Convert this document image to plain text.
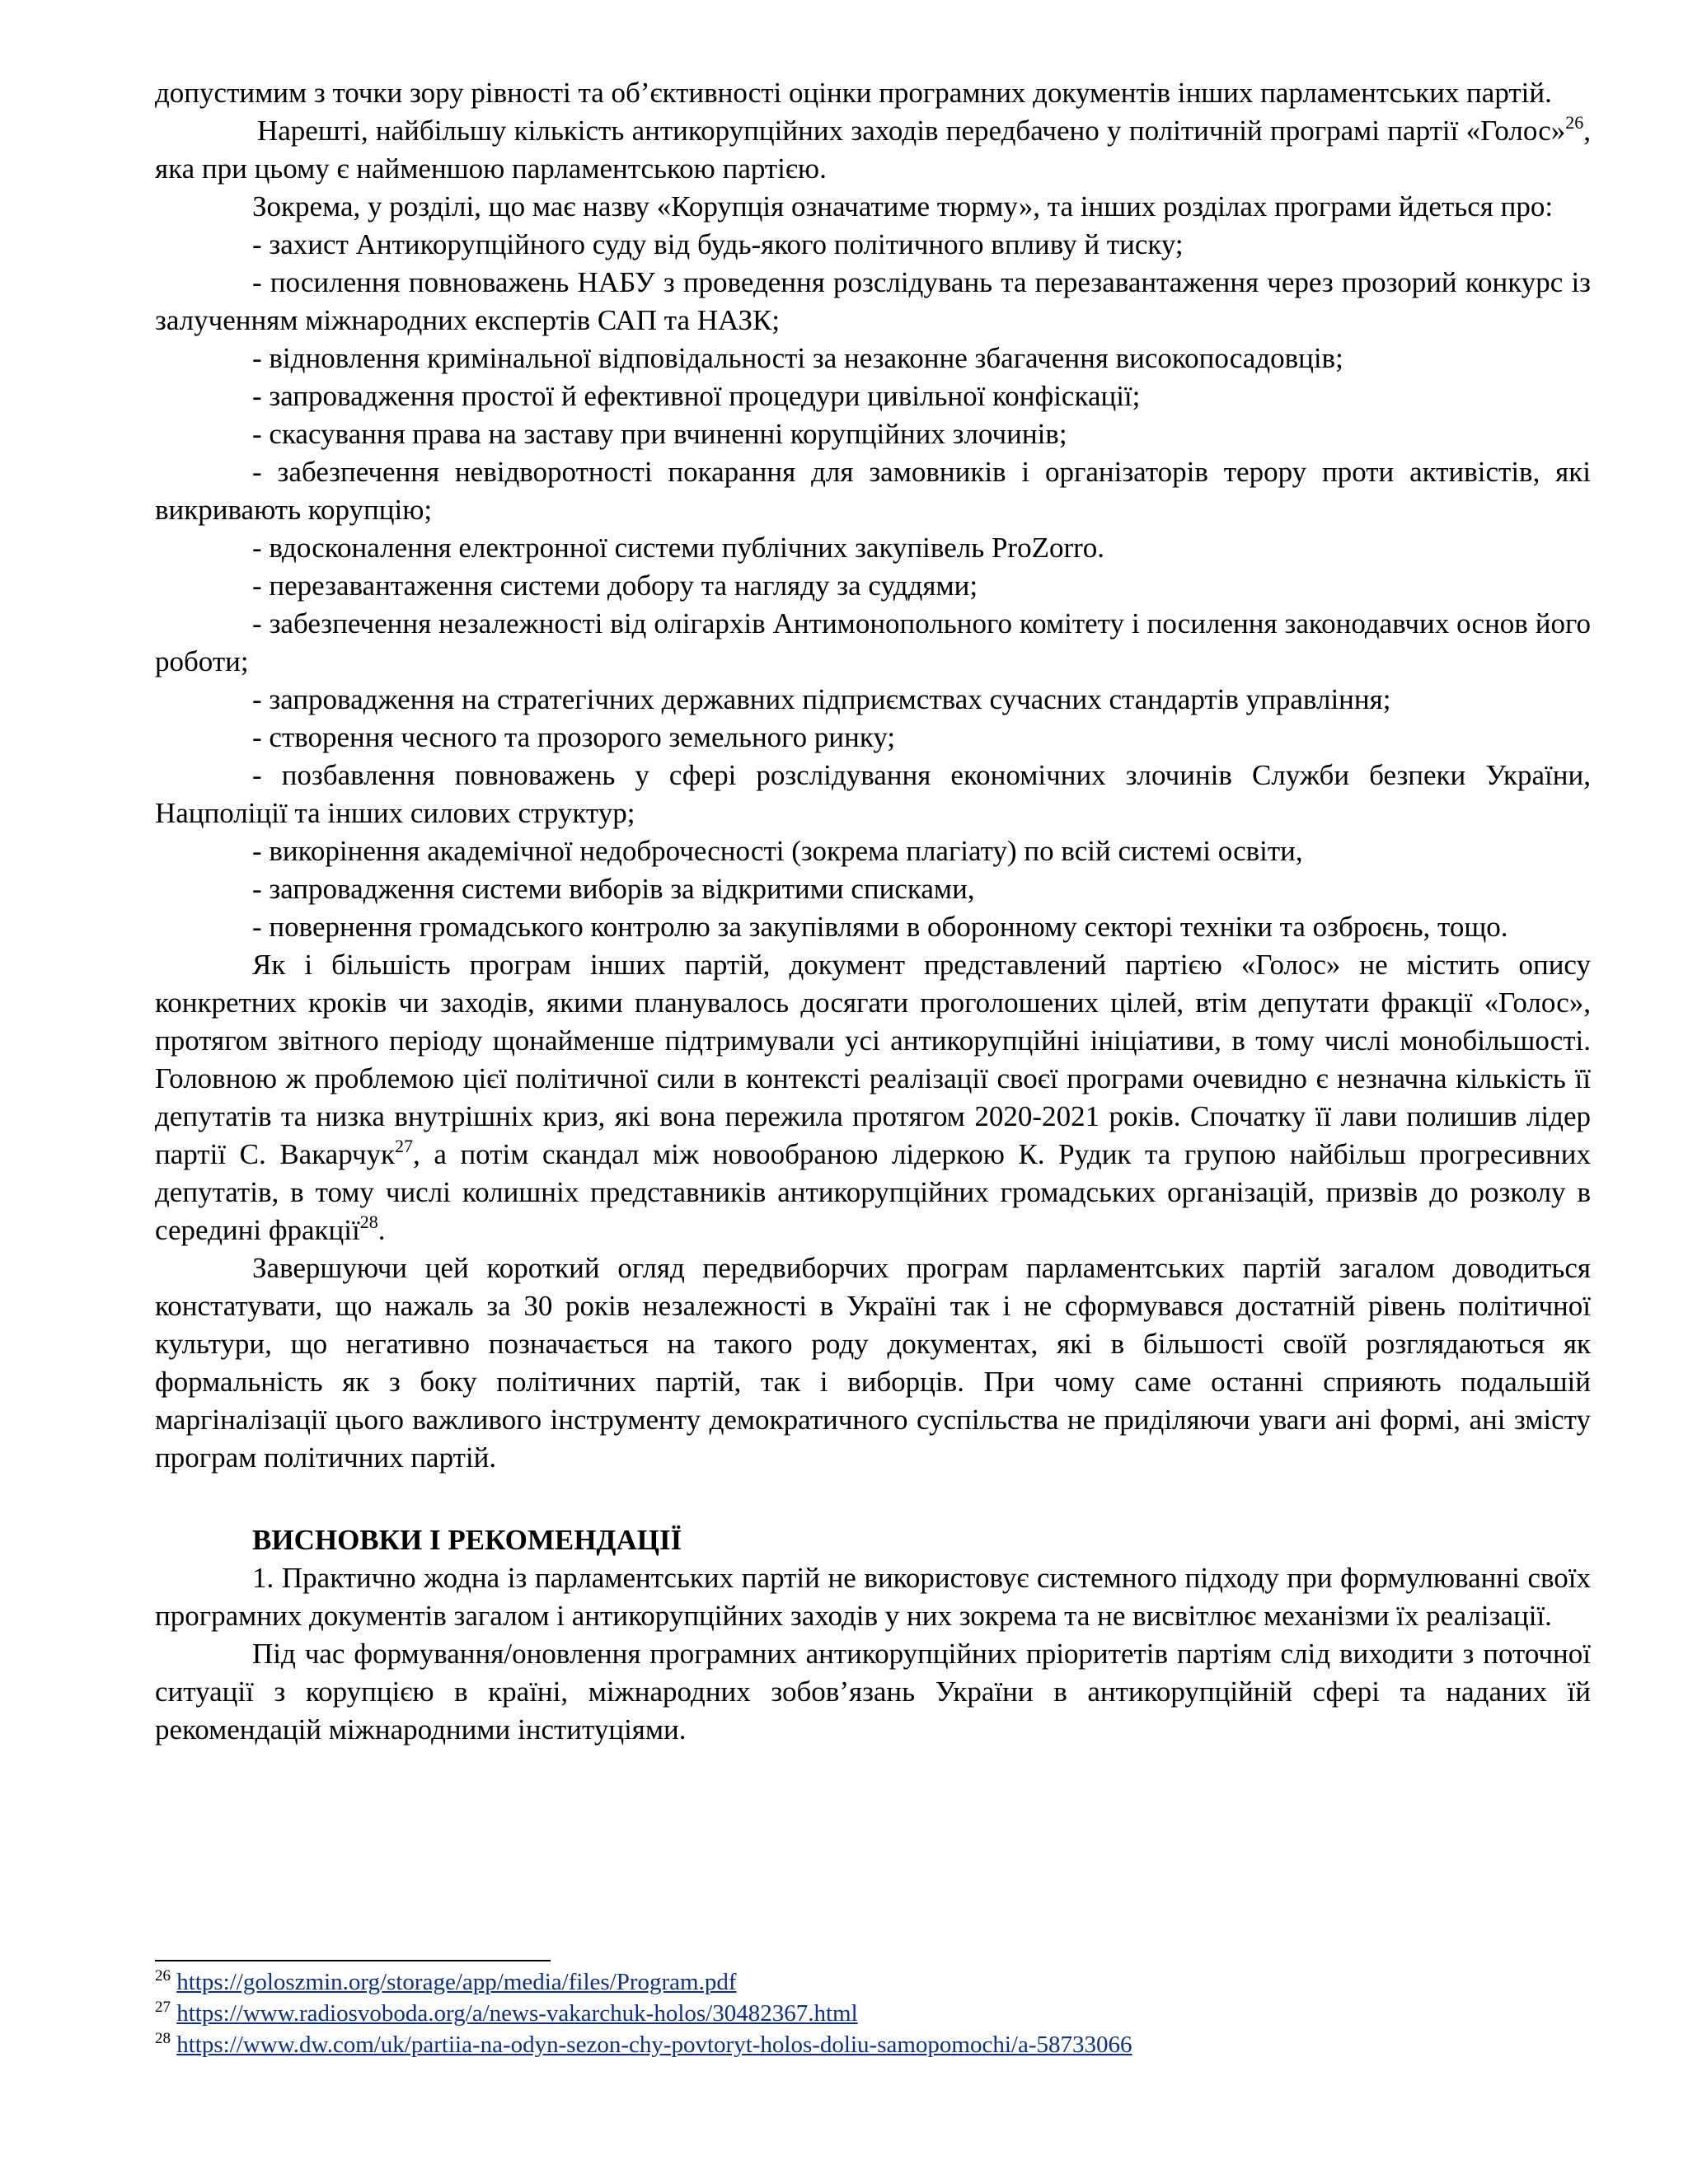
допустимим з точки зору рівності та об’єктивності оцінки програмних документів інших парламентських партій.

Нарешті, найбільшу кількість антикорупційних заходів передбачено у політичній програмі партії «Голос»$^{26}$, яка при цьому є найменшою парламентською партією.

Зокрема, у розділі, що має назву «Корупція означатиме тюрму», та інших розділах програми йдеться про:

- захист Антикорупційного суду від будь-якого політичного впливу й тиску;

- посилення повноважень НАБУ з проведення розслідувань та перезавантаження через прозорий конкурс із залученням міжнародних експертів САП та НАЗК;

- відновлення кримінальної відповідальності за незаконне збагачення високопосадовців;

- запровадження простої й ефективної процедури цивільної конфіскації;

- скасування права на заставу при вчиненні корупційних злочинів;

- забезпечення невідворотності покарання для замовників і організаторів терору проти активістів, які викривають корупцію;

- вдосконалення електронної системи публічних закупівель ProZorro.

- перезавантаження системи добору та нагляду за суддями;

- забезпечення незалежності від олігархів Антимонопольного комітету і посилення законодавчих основ його роботи;

- запровадження на стратегічних державних підприємствах сучасних стандартів управління;

- створення чесного та прозорого земельного ринку;

- позбавлення повноважень у сфері розслідування економічних злочинів Служби безпеки України, Нацполіції та інших силових структур;

- викорінення академічної недоброчесності (зокрема плагіату) по всій системі освіти,

- запровадження системи виборів за відкритими списками,

- повернення громадського контролю за закупівлями в оборонному секторі техніки та озброєнь, тощо.

Як і більшість програм інших партій, документ представлений партією «Голос» не містить опису конкретних кроків чи заходів, якими планувалось досягати проголошених цілей, втім депутати фракції «Голос», протягом звітного періоду щонайменше підтримували усі антикорупційні ініціативи, в тому числі монобільшості. Головною ж проблемою цієї політичної сили в контексті реалізації своєї програми очевидно є незначна кількість її депутатів та низка внутрішніх криз, які вона пережила протягом 2020-2021 років. Спочатку її лави полишив лідер партії С. Вакарчук$^{27}$, а потім скандал між новообраною лідеркою К. Рудик та групою найбільш прогресивних депутатів, в тому числі колишніх представників антикорупційних громадських організацій, призвів до розколу в середині фракції$^{28}$.

Завершуючи цей короткий огляд передвиборчих програм парламентських партій загалом доводиться констатувати, що нажаль за 30 років незалежності в Україні так і не сформувався достатній рівень політичної культури, що негативно позначається на такого роду документах, які в більшості своїй розглядаються як формальність як з боку політичних партій, так і виборців. При чому саме останні сприяють подальшій маргіналізації цього важливого інструменту демократичного суспільства не приділяючи уваги ані формі, ані змісту програм політичних партій.

ВИСНОВКИ І РЕКОМЕНДАЦІЇ

1. Практично жодна із парламентських партій не використовує системного підходу при формулюванні своїх програмних документів загалом і антикорупційних заходів у них зокрема та не висвітлює механізми їх реалізації.

Під час формування/оновлення програмних антикорупційних пріоритетів партіям слід виходити з поточної ситуації з корупцією в країні, міжнародних зобов’язань України в антикорупційній сфері та наданих їй рекомендацій міжнародними інституціями.

$^{26}$ https://goloszmin.org/storage/app/media/files/Program.pdf

$^{27}$ https://www.radiosvoboda.org/a/news-vakarchuk-holos/30482367.html

$^{28}$ https://www.dw.com/uk/partiia-na-odyn-sezon-chy-povtoryt-holos-doliu-samopomochi/a-58733066
